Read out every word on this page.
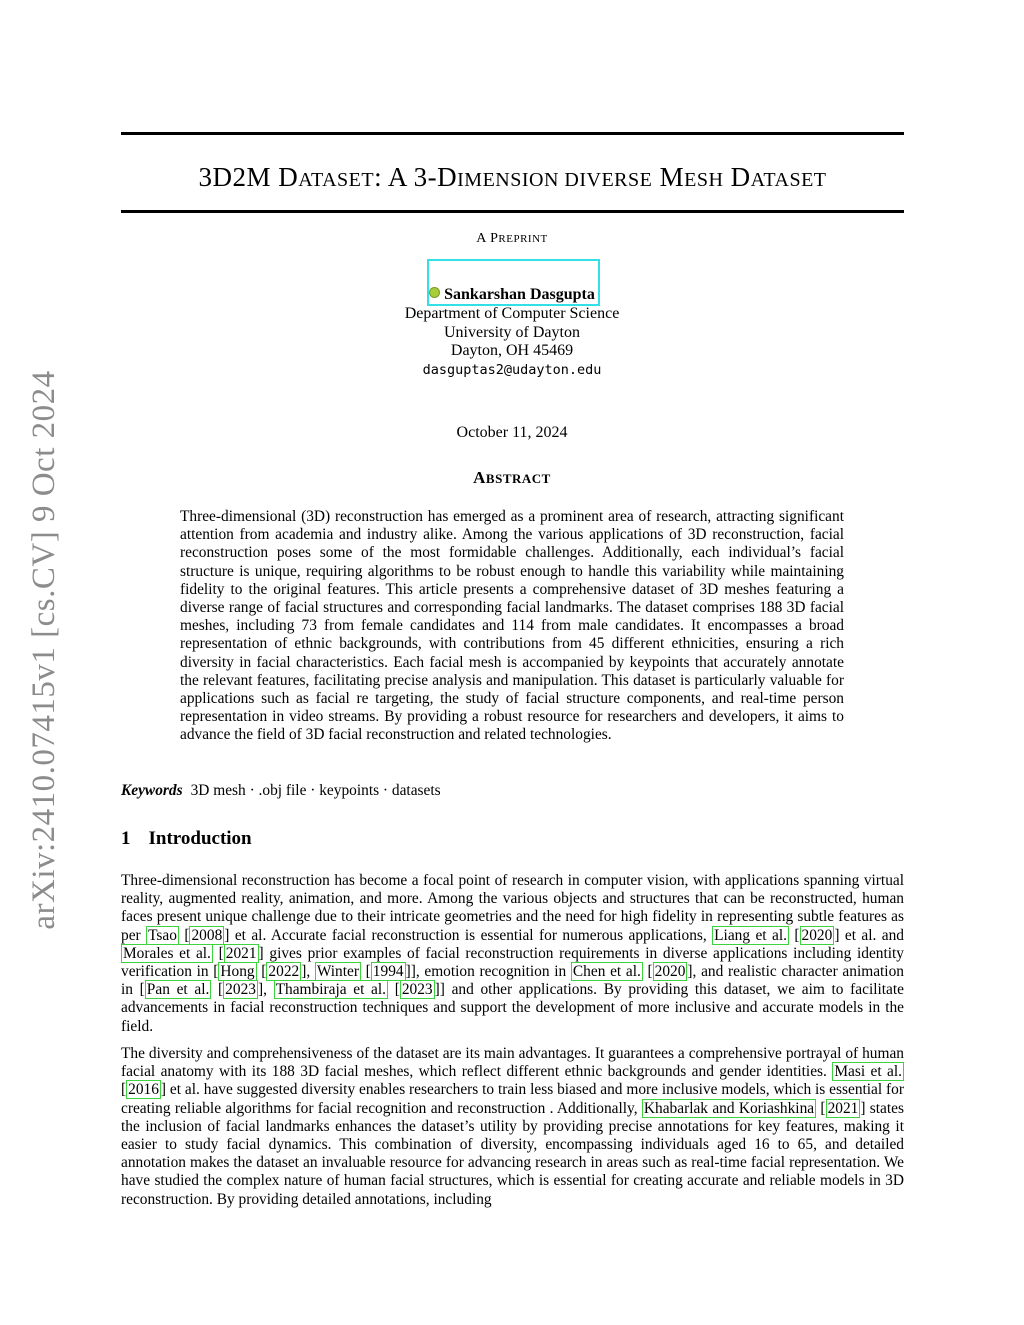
arXiv:2410.07415v1 [cs.CV] 9 Oct 2024
3D2M DATASET: A 3-DIMENSION DIVERSE MESH DATASET
A PREPRINT
Sankarshan Dasgupta
Department of Computer Science
University of Dayton
Dayton, OH 45469
dasguptas2@udayton.edu
October 11, 2024
ABSTRACT
Three-dimensional (3D) reconstruction has emerged as a prominent area of research, attracting significant attention from academia and industry alike. Among the various applications of 3D reconstruction, facial reconstruction poses some of the most formidable challenges. Additionally, each individual’s facial structure is unique, requiring algorithms to be robust enough to handle this variability while maintaining fidelity to the original features. This article presents a comprehensive dataset of 3D meshes featuring a diverse range of facial structures and corresponding facial landmarks. The dataset comprises 188 3D facial meshes, including 73 from female candidates and 114 from male candidates. It encompasses a broad representation of ethnic backgrounds, with contributions from 45 different ethnicities, ensuring a rich diversity in facial characteristics. Each facial mesh is accompanied by keypoints that accurately annotate the relevant features, facilitating precise analysis and manipulation. This dataset is particularly valuable for applications such as facial re targeting, the study of facial structure components, and real-time person representation in video streams. By providing a robust resource for researchers and developers, it aims to advance the field of 3D facial reconstruction and related technologies.
Keywords 3D mesh · .obj file · keypoints · datasets
1 Introduction

Three-dimensional reconstruction has become a focal point of research in computer vision, with applications spanning virtual reality, augmented reality, animation, and more. Among the various objects and structures that can be reconstructed, human faces present unique challenge due to their intricate geometries and the need for high fidelity in representing subtle features as per Tsao [ 2008 ] et al. Accurate facial reconstruction is essential for numerous applications, Liang et al. [ 2020 ] et al. and Morales et al. [ 2021 ] gives prior examples of facial reconstruction requirements in diverse applications including identity verification in [ Hong [ 2022 ], Winter [ 1994 ]], emotion recognition in Chen et al. [ 2020 ], and realistic character animation in [ Pan et al. [ 2023 ], Thambiraja et al. [ 2023 ]] and other applications. By providing this dataset, we aim to facilitate advancements in facial reconstruction techniques and support the development of more inclusive and accurate models in the field.

The diversity and comprehensiveness of the dataset are its main advantages. It guarantees a comprehensive portrayal of human facial anatomy with its 188 3D facial meshes, which reflect different ethnic backgrounds and gender identities. Masi et al. [ 2016 ] et al. have suggested diversity enables researchers to train less biased and more inclusive models, which is essential for creating reliable algorithms for facial recognition and reconstruction . Additionally, Khabarlak and Koriashkina [ 2021 ] states the inclusion of facial landmarks enhances the dataset’s utility by providing precise annotations for key features, making it easier to study facial dynamics. This combination of diversity, encompassing individuals aged 16 to 65, and detailed annotation makes the dataset an invaluable resource for advancing research in areas such as real-time facial representation. We have studied the complex nature of human facial structures, which is essential for creating accurate and reliable models in 3D reconstruction. By providing detailed annotations, including
